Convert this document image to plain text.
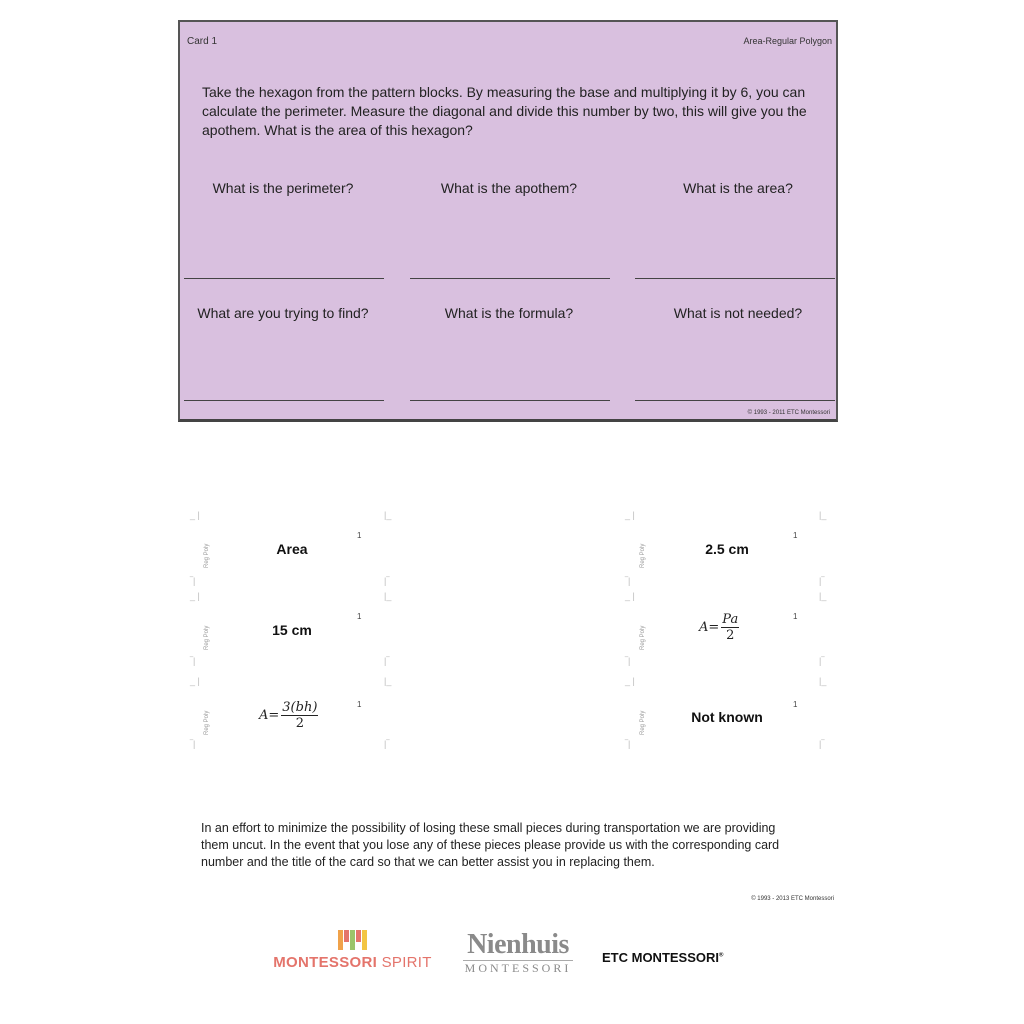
Card 1	Area-Regular Polygon
Take the hexagon from the pattern blocks. By measuring the base and multiplying it by 6, you can calculate the perimeter. Measure the diagonal and divide this number by two, this will give you the apothem. What is the area of this hexagon?
What is the perimeter?	What is the apothem?	What is the area?
What are you trying to find?	What is the formula?	What is not needed?
© 1993 - 2011 ETC Montessori
_ |	|_
Reg Poly	Area
1
‾|	|‾
_ |	|_
Reg Poly	15 cm
1
‾|	|‾
_ |	|_
Reg Poly	$A= \frac{3(bh)}{2}$	1
‾|	|‾
_ |	|_
Reg Poly	2.5 cm
1
‾|	|‾
_ |	|_
Reg Poly	$A= \frac{Pa}{2}$	1
‾|	|‾
_ |	|_
Reg Poly	Not known
1
‾|	|‾
In an effort to minimize the possibility of losing these small pieces during transportation we are providing them uncut. In the event that you lose any of these pieces please provide us with the corresponding card number and the title of the card so that we can better assist you in replacing them.
© 1993 - 2013 ETC Montessori
MONTESSORI SPIRIT
Nienhuis
MONTESSORI
ETC MONTESSORI®
